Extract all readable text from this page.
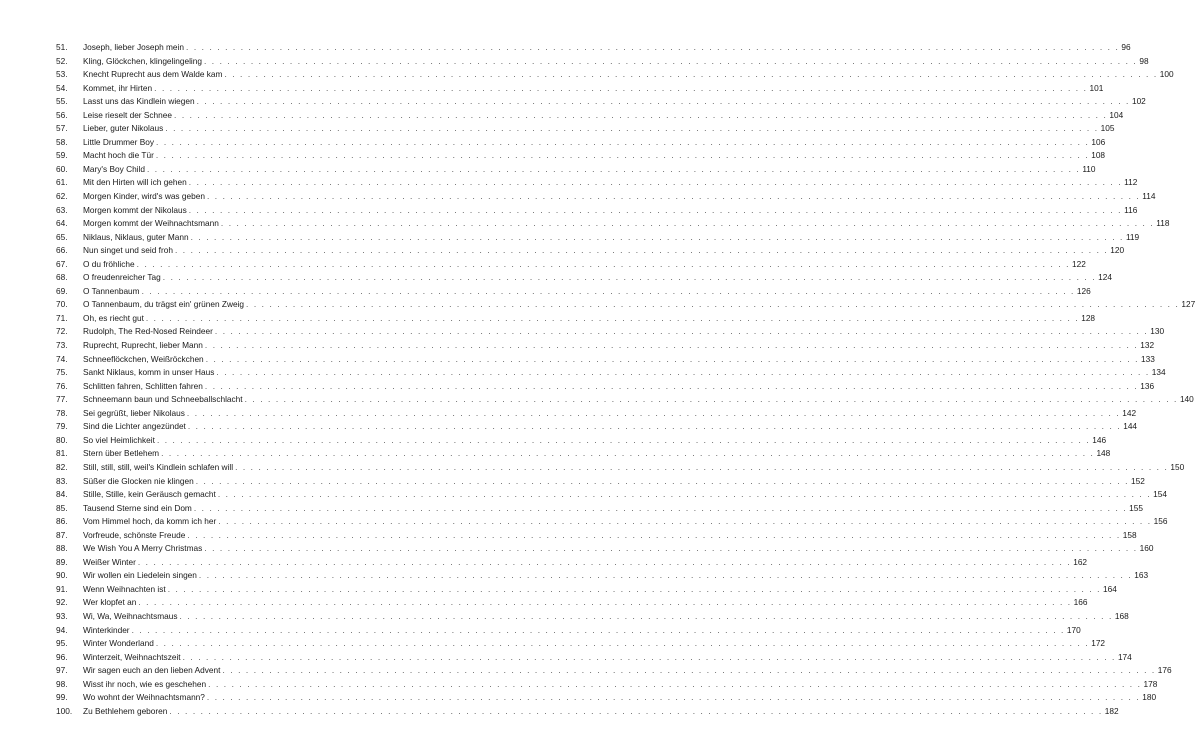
51.	Joseph, lieber Joseph mein . . . . . . . . . . . . . . . . . . . . . . . . . . . . . . . . . . . . . . . . . . . . . . . . . . . . . . . . . . . . . . . . . . . . . . . . . . . . . . . . . . . . . . . . . . . . . . . . . . . . . . . . . . . . . . . . . . . . . . . . 96
52.	Kling, Glöckchen, klingelingeling . . . . . . . . . . . . . . . . . . . . . . . . . . . . . . . . . . . . . . . . . . . . . . . . . . . . . . . . . . . . . . . . . . . . . . . . . . . . . . . . . . . . . . . . . . . . . . . . . . . . . . . . . . . . . . . . . . . . . . . . 98
53.	Knecht Ruprecht aus dem Walde kam . . . . . . . . . . . . . . . . . . . . . . . . . . . . . . . . . . . . . . . . . . . . . . . . . . . . . . . . . . . . . . . . . . . . . . . . . . . . . . . . . . . . . . . . . . . . . . . . . . . . . . . . . . . . . . . . . . . . . . . . 100
54.	Kommet, ihr Hirten . . . . . . . . . . . . . . . . . . . . . . . . . . . . . . . . . . . . . . . . . . . . . . . . . . . . . . . . . . . . . . . . . . . . . . . . . . . . . . . . . . . . . . . . . . . . . . . . . . . . . . . . . . . . . . . . . . . . . . . . 101
55.	Lasst uns das Kindlein wiegen . . . . . . . . . . . . . . . . . . . . . . . . . . . . . . . . . . . . . . . . . . . . . . . . . . . . . . . . . . . . . . . . . . . . . . . . . . . . . . . . . . . . . . . . . . . . . . . . . . . . . . . . . . . . . . . . . . . . . . . . 102
56.	Leise rieselt der Schnee . . . . . . . . . . . . . . . . . . . . . . . . . . . . . . . . . . . . . . . . . . . . . . . . . . . . . . . . . . . . . . . . . . . . . . . . . . . . . . . . . . . . . . . . . . . . . . . . . . . . . . . . . . . . . . . . . . . . . . . . 104
57.	Lieber, guter Nikolaus . . . . . . . . . . . . . . . . . . . . . . . . . . . . . . . . . . . . . . . . . . . . . . . . . . . . . . . . . . . . . . . . . . . . . . . . . . . . . . . . . . . . . . . . . . . . . . . . . . . . . . . . . . . . . . . . . . . . . . . . 105
58.	Little Drummer Boy . . . . . . . . . . . . . . . . . . . . . . . . . . . . . . . . . . . . . . . . . . . . . . . . . . . . . . . . . . . . . . . . . . . . . . . . . . . . . . . . . . . . . . . . . . . . . . . . . . . . . . . . . . . . . . . . . . . . . . . . 106
59.	Macht hoch die Tür . . . . . . . . . . . . . . . . . . . . . . . . . . . . . . . . . . . . . . . . . . . . . . . . . . . . . . . . . . . . . . . . . . . . . . . . . . . . . . . . . . . . . . . . . . . . . . . . . . . . . . . . . . . . . . . . . . . . . . . . 108
60.	Mary's Boy Child . . . . . . . . . . . . . . . . . . . . . . . . . . . . . . . . . . . . . . . . . . . . . . . . . . . . . . . . . . . . . . . . . . . . . . . . . . . . . . . . . . . . . . . . . . . . . . . . . . . . . . . . . . . . . . . . . . . . . . . . 110
61.	Mit den Hirten will ich gehen . . . . . . . . . . . . . . . . . . . . . . . . . . . . . . . . . . . . . . . . . . . . . . . . . . . . . . . . . . . . . . . . . . . . . . . . . . . . . . . . . . . . . . . . . . . . . . . . . . . . . . . . . . . . . . . . . . . . . . . . 112
62.	Morgen Kinder, wird's was geben . . . . . . . . . . . . . . . . . . . . . . . . . . . . . . . . . . . . . . . . . . . . . . . . . . . . . . . . . . . . . . . . . . . . . . . . . . . . . . . . . . . . . . . . . . . . . . . . . . . . . . . . . . . . . . . . . . . . . . . . 114
63.	Morgen kommt der Nikolaus . . . . . . . . . . . . . . . . . . . . . . . . . . . . . . . . . . . . . . . . . . . . . . . . . . . . . . . . . . . . . . . . . . . . . . . . . . . . . . . . . . . . . . . . . . . . . . . . . . . . . . . . . . . . . . . . . . . . . . . . 116
64.	Morgen kommt der Weihnachtsmann . . . . . . . . . . . . . . . . . . . . . . . . . . . . . . . . . . . . . . . . . . . . . . . . . . . . . . . . . . . . . . . . . . . . . . . . . . . . . . . . . . . . . . . . . . . . . . . . . . . . . . . . . . . . . . . . . . . . . . . . 118
65.	Niklaus, Niklaus, guter Mann . . . . . . . . . . . . . . . . . . . . . . . . . . . . . . . . . . . . . . . . . . . . . . . . . . . . . . . . . . . . . . . . . . . . . . . . . . . . . . . . . . . . . . . . . . . . . . . . . . . . . . . . . . . . . . . . . . . . . . . . 119
66.	Nun singet und seid froh . . . . . . . . . . . . . . . . . . . . . . . . . . . . . . . . . . . . . . . . . . . . . . . . . . . . . . . . . . . . . . . . . . . . . . . . . . . . . . . . . . . . . . . . . . . . . . . . . . . . . . . . . . . . . . . . . . . . . . . . 120
67.	O du fröhliche . . . . . . . . . . . . . . . . . . . . . . . . . . . . . . . . . . . . . . . . . . . . . . . . . . . . . . . . . . . . . . . . . . . . . . . . . . . . . . . . . . . . . . . . . . . . . . . . . . . . . . . . . . . . . . . . . . . . . . . . 122
68.	O freudenreicher Tag . . . . . . . . . . . . . . . . . . . . . . . . . . . . . . . . . . . . . . . . . . . . . . . . . . . . . . . . . . . . . . . . . . . . . . . . . . . . . . . . . . . . . . . . . . . . . . . . . . . . . . . . . . . . . . . . . . . . . . . . 124
69.	O Tannenbaum . . . . . . . . . . . . . . . . . . . . . . . . . . . . . . . . . . . . . . . . . . . . . . . . . . . . . . . . . . . . . . . . . . . . . . . . . . . . . . . . . . . . . . . . . . . . . . . . . . . . . . . . . . . . . . . . . . . . . . . . 126
70.	O Tannenbaum, du trägst ein' grünen Zweig . . . . . . . . . . . . . . . . . . . . . . . . . . . . . . . . . . . . . . . . . . . . . . . . . . . . . . . . . . . . . . . . . . . . . . . . . . . . . . . . . . . . . . . . . . . . . . . . . . . . . . . . . . . . . . . . . . . . . . . . 127
71.	Oh, es riecht gut . . . . . . . . . . . . . . . . . . . . . . . . . . . . . . . . . . . . . . . . . . . . . . . . . . . . . . . . . . . . . . . . . . . . . . . . . . . . . . . . . . . . . . . . . . . . . . . . . . . . . . . . . . . . . . . . . . . . . . . . 128
72.	Rudolph, The Red-Nosed Reindeer . . . . . . . . . . . . . . . . . . . . . . . . . . . . . . . . . . . . . . . . . . . . . . . . . . . . . . . . . . . . . . . . . . . . . . . . . . . . . . . . . . . . . . . . . . . . . . . . . . . . . . . . . . . . . . . . . . . . . . . . 130
73.	Ruprecht, Ruprecht, lieber Mann . . . . . . . . . . . . . . . . . . . . . . . . . . . . . . . . . . . . . . . . . . . . . . . . . . . . . . . . . . . . . . . . . . . . . . . . . . . . . . . . . . . . . . . . . . . . . . . . . . . . . . . . . . . . . . . . . . . . . . . . 132
74.	Schneeflöckchen, Weißröckchen . . . . . . . . . . . . . . . . . . . . . . . . . . . . . . . . . . . . . . . . . . . . . . . . . . . . . . . . . . . . . . . . . . . . . . . . . . . . . . . . . . . . . . . . . . . . . . . . . . . . . . . . . . . . . . . . . . . . . . . . 133
75.	Sankt Niklaus, komm in unser Haus . . . . . . . . . . . . . . . . . . . . . . . . . . . . . . . . . . . . . . . . . . . . . . . . . . . . . . . . . . . . . . . . . . . . . . . . . . . . . . . . . . . . . . . . . . . . . . . . . . . . . . . . . . . . . . . . . . . . . . . . 134
76.	Schlitten fahren, Schlitten fahren . . . . . . . . . . . . . . . . . . . . . . . . . . . . . . . . . . . . . . . . . . . . . . . . . . . . . . . . . . . . . . . . . . . . . . . . . . . . . . . . . . . . . . . . . . . . . . . . . . . . . . . . . . . . . . . . . . . . . . . . 136
77.	Schneemann baun und Schneeballschlacht . . . . . . . . . . . . . . . . . . . . . . . . . . . . . . . . . . . . . . . . . . . . . . . . . . . . . . . . . . . . . . . . . . . . . . . . . . . . . . . . . . . . . . . . . . . . . . . . . . . . . . . . . . . . . . . . . . . . . . . . 140
78.	Sei gegrüßt, lieber Nikolaus . . . . . . . . . . . . . . . . . . . . . . . . . . . . . . . . . . . . . . . . . . . . . . . . . . . . . . . . . . . . . . . . . . . . . . . . . . . . . . . . . . . . . . . . . . . . . . . . . . . . . . . . . . . . . . . . . . . . . . . . 142
79.	Sind die Lichter angezündet . . . . . . . . . . . . . . . . . . . . . . . . . . . . . . . . . . . . . . . . . . . . . . . . . . . . . . . . . . . . . . . . . . . . . . . . . . . . . . . . . . . . . . . . . . . . . . . . . . . . . . . . . . . . . . . . . . . . . . . . 144
80.	So viel Heimlichkeit . . . . . . . . . . . . . . . . . . . . . . . . . . . . . . . . . . . . . . . . . . . . . . . . . . . . . . . . . . . . . . . . . . . . . . . . . . . . . . . . . . . . . . . . . . . . . . . . . . . . . . . . . . . . . . . . . . . . . . . . 146
81.	Stern über Betlehem . . . . . . . . . . . . . . . . . . . . . . . . . . . . . . . . . . . . . . . . . . . . . . . . . . . . . . . . . . . . . . . . . . . . . . . . . . . . . . . . . . . . . . . . . . . . . . . . . . . . . . . . . . . . . . . . . . . . . . . . 148
82.	Still, still, still, weil's Kindlein schlafen will . . . . . . . . . . . . . . . . . . . . . . . . . . . . . . . . . . . . . . . . . . . . . . . . . . . . . . . . . . . . . . . . . . . . . . . . . . . . . . . . . . . . . . . . . . . . . . . . . . . . . . . . . . . . . . . . . . . . . . . . 150
83.	Süßer die Glocken nie klingen . . . . . . . . . . . . . . . . . . . . . . . . . . . . . . . . . . . . . . . . . . . . . . . . . . . . . . . . . . . . . . . . . . . . . . . . . . . . . . . . . . . . . . . . . . . . . . . . . . . . . . . . . . . . . . . . . . . . . . . . 152
84.	Stille, Stille, kein Geräusch gemacht . . . . . . . . . . . . . . . . . . . . . . . . . . . . . . . . . . . . . . . . . . . . . . . . . . . . . . . . . . . . . . . . . . . . . . . . . . . . . . . . . . . . . . . . . . . . . . . . . . . . . . . . . . . . . . . . . . . . . . . . 154
85.	Tausend Sterne sind ein Dom . . . . . . . . . . . . . . . . . . . . . . . . . . . . . . . . . . . . . . . . . . . . . . . . . . . . . . . . . . . . . . . . . . . . . . . . . . . . . . . . . . . . . . . . . . . . . . . . . . . . . . . . . . . . . . . . . . . . . . . . 155
86.	Vom Himmel hoch, da komm ich her . . . . . . . . . . . . . . . . . . . . . . . . . . . . . . . . . . . . . . . . . . . . . . . . . . . . . . . . . . . . . . . . . . . . . . . . . . . . . . . . . . . . . . . . . . . . . . . . . . . . . . . . . . . . . . . . . . . . . . . . 156
87.	Vorfreude, schönste Freude . . . . . . . . . . . . . . . . . . . . . . . . . . . . . . . . . . . . . . . . . . . . . . . . . . . . . . . . . . . . . . . . . . . . . . . . . . . . . . . . . . . . . . . . . . . . . . . . . . . . . . . . . . . . . . . . . . . . . . . . 158
88.	We Wish You A Merry Christmas . . . . . . . . . . . . . . . . . . . . . . . . . . . . . . . . . . . . . . . . . . . . . . . . . . . . . . . . . . . . . . . . . . . . . . . . . . . . . . . . . . . . . . . . . . . . . . . . . . . . . . . . . . . . . . . . . . . . . . . . 160
89.	Weißer Winter . . . . . . . . . . . . . . . . . . . . . . . . . . . . . . . . . . . . . . . . . . . . . . . . . . . . . . . . . . . . . . . . . . . . . . . . . . . . . . . . . . . . . . . . . . . . . . . . . . . . . . . . . . . . . . . . . . . . . . . . 162
90.	Wir wollen ein Liedelein singen . . . . . . . . . . . . . . . . . . . . . . . . . . . . . . . . . . . . . . . . . . . . . . . . . . . . . . . . . . . . . . . . . . . . . . . . . . . . . . . . . . . . . . . . . . . . . . . . . . . . . . . . . . . . . . . . . . . . . . . . 163
91.	Wenn Weihnachten ist . . . . . . . . . . . . . . . . . . . . . . . . . . . . . . . . . . . . . . . . . . . . . . . . . . . . . . . . . . . . . . . . . . . . . . . . . . . . . . . . . . . . . . . . . . . . . . . . . . . . . . . . . . . . . . . . . . . . . . . . 164
92.	Wer klopfet an . . . . . . . . . . . . . . . . . . . . . . . . . . . . . . . . . . . . . . . . . . . . . . . . . . . . . . . . . . . . . . . . . . . . . . . . . . . . . . . . . . . . . . . . . . . . . . . . . . . . . . . . . . . . . . . . . . . . . . . . 166
93.	Wi, Wa, Weihnachtsmaus . . . . . . . . . . . . . . . . . . . . . . . . . . . . . . . . . . . . . . . . . . . . . . . . . . . . . . . . . . . . . . . . . . . . . . . . . . . . . . . . . . . . . . . . . . . . . . . . . . . . . . . . . . . . . . . . . . . . . . . . 168
94.	Winterkinder . . . . . . . . . . . . . . . . . . . . . . . . . . . . . . . . . . . . . . . . . . . . . . . . . . . . . . . . . . . . . . . . . . . . . . . . . . . . . . . . . . . . . . . . . . . . . . . . . . . . . . . . . . . . . . . . . . . . . . . . 170
95.	Winter Wonderland . . . . . . . . . . . . . . . . . . . . . . . . . . . . . . . . . . . . . . . . . . . . . . . . . . . . . . . . . . . . . . . . . . . . . . . . . . . . . . . . . . . . . . . . . . . . . . . . . . . . . . . . . . . . . . . . . . . . . . . . 172
96.	Winterzeit, Weihnachtszeit . . . . . . . . . . . . . . . . . . . . . . . . . . . . . . . . . . . . . . . . . . . . . . . . . . . . . . . . . . . . . . . . . . . . . . . . . . . . . . . . . . . . . . . . . . . . . . . . . . . . . . . . . . . . . . . . . . . . . . . . 174
97.	Wir sagen euch an den lieben Advent . . . . . . . . . . . . . . . . . . . . . . . . . . . . . . . . . . . . . . . . . . . . . . . . . . . . . . . . . . . . . . . . . . . . . . . . . . . . . . . . . . . . . . . . . . . . . . . . . . . . . . . . . . . . . . . . . . . . . . . . 176
98.	Wisst ihr noch, wie es geschehen . . . . . . . . . . . . . . . . . . . . . . . . . . . . . . . . . . . . . . . . . . . . . . . . . . . . . . . . . . . . . . . . . . . . . . . . . . . . . . . . . . . . . . . . . . . . . . . . . . . . . . . . . . . . . . . . . . . . . . . . 178
99.	Wo wohnt der Weihnachtsmann? . . . . . . . . . . . . . . . . . . . . . . . . . . . . . . . . . . . . . . . . . . . . . . . . . . . . . . . . . . . . . . . . . . . . . . . . . . . . . . . . . . . . . . . . . . . . . . . . . . . . . . . . . . . . . . . . . . . . . . . . 180
100.	Zu Bethlehem geboren . . . . . . . . . . . . . . . . . . . . . . . . . . . . . . . . . . . . . . . . . . . . . . . . . . . . . . . . . . . . . . . . . . . . . . . . . . . . . . . . . . . . . . . . . . . . . . . . . . . . . . . . . . . . . . . . . . . . . . . . 182
